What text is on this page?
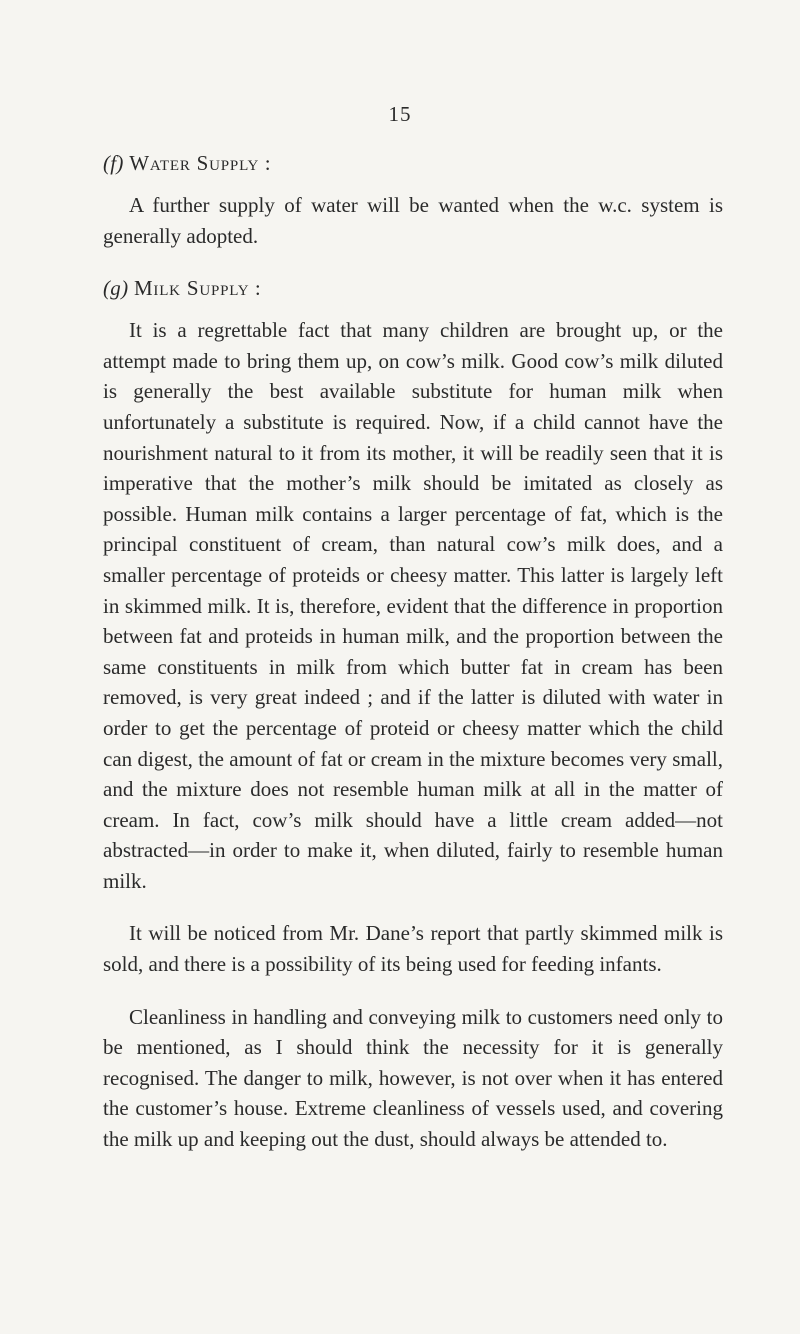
15
(f) Water Supply :

A further supply of water will be wanted when the w.c. system is generally adopted.

(g) Milk Supply :

It is a regrettable fact that many children are brought up, or the attempt made to bring them up, on cow’s milk. Good cow’s milk diluted is generally the best available substitute for human milk when unfortunately a substitute is required. Now, if a child cannot have the nourishment natural to it from its mother, it will be readily seen that it is imperative that the mother’s milk should be imitated as closely as possible. Human milk contains a larger percentage of fat, which is the principal constituent of cream, than natural cow’s milk does, and a smaller percentage of proteids or cheesy matter. This latter is largely left in skimmed milk. It is, therefore, evident that the difference in proportion between fat and proteids in human milk, and the proportion between the same constituents in milk from which butter fat in cream has been removed, is very great indeed ; and if the latter is diluted with water in order to get the percentage of proteid or cheesy matter which the child can digest, the amount of fat or cream in the mixture becomes very small, and the mixture does not resemble human milk at all in the matter of cream. In fact, cow’s milk should have a little cream added—not abstracted—in order to make it, when diluted, fairly to resemble human milk.

It will be noticed from Mr. Dane’s report that partly skimmed milk is sold, and there is a possibility of its being used for feeding infants.

Cleanliness in handling and conveying milk to customers need only to be mentioned, as I should think the necessity for it is generally recognised. The danger to milk, however, is not over when it has entered the customer’s house. Extreme cleanliness of vessels used, and covering the milk up and keeping out the dust, should always be attended to.
